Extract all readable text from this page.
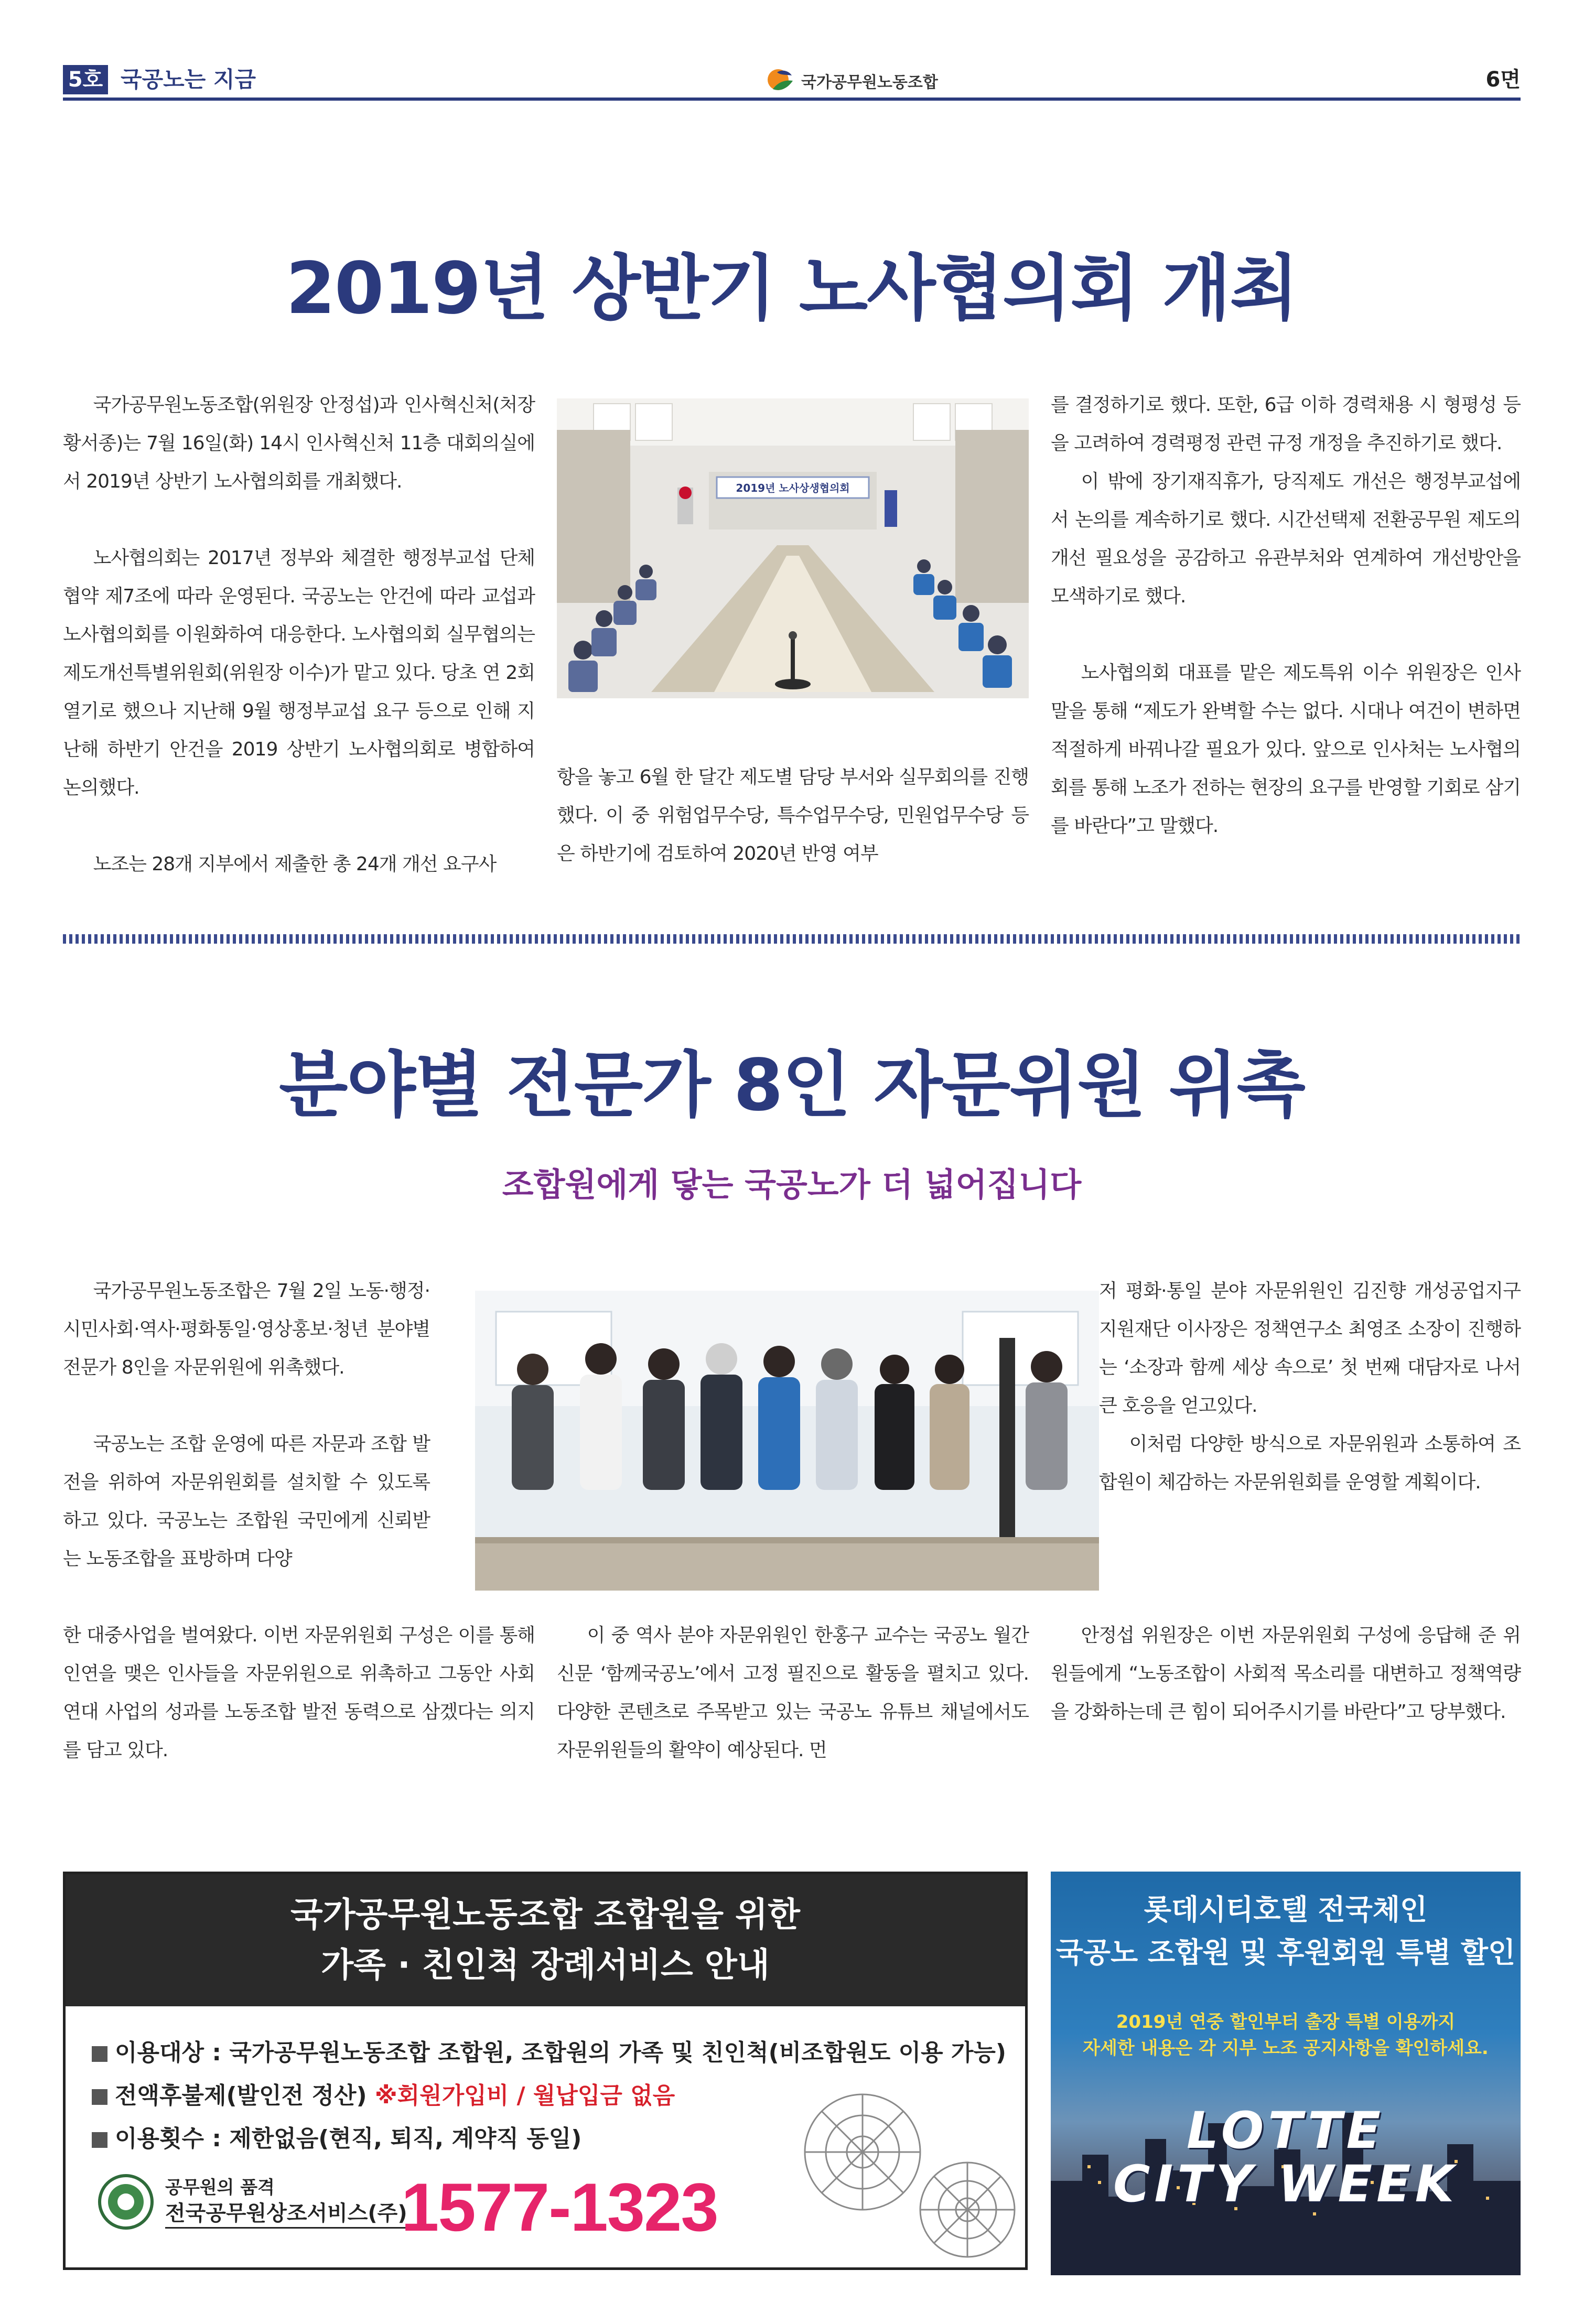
5호 국공노는 지금	국가공무원노동조합	6면
2019년 상반기 노사협의회 개최

국가공무원노동조합(위원장 안정섭)과 인사혁신처(처장 황서종)는 7월 16일(화) 14시 인사혁신처 11층 대회의실에서 2019년 상반기 노사협의회를 개최했다.

노사협의회는 2017년 정부와 체결한 행정부교섭 단체협약 제7조에 따라 운영된다. 국공노는 안건에 따라 교섭과 노사협의회를 이원화하여 대응한다. 노사협의회 실무협의는 제도개선특별위원회(위원장 이수)가 맡고 있다. 당초 연 2회 열기로 했으나 지난해 9월 행정부교섭 요구 등으로 인해 지난해 하반기 안건을 2019 상반기 노사협의회로 병합하여 논의했다.

노조는 28개 지부에서 제출한 총 24개 개선 요구사

2019년 노사상생협의회

항을 놓고 6월 한 달간 제도별 담당 부서와 실무회의를 진행했다. 이 중 위험업무수당, 특수업무수당, 민원업무수당 등은 하반기에 검토하여 2020년 반영 여부

를 결정하기로 했다. 또한, 6급 이하 경력채용 시 형평성 등을 고려하여 경력평정 관련 규정 개정을 추진하기로 했다.

이 밖에 장기재직휴가, 당직제도 개선은 행정부교섭에서 논의를 계속하기로 했다. 시간선택제 전환공무원 제도의 개선 필요성을 공감하고 유관부처와 연계하여 개선방안을 모색하기로 했다.

노사협의회 대표를 맡은 제도특위 이수 위원장은 인사말을 통해 “제도가 완벽할 수는 없다. 시대나 여건이 변하면 적절하게 바꿔나갈 필요가 있다. 앞으로 인사처는 노사협의회를 통해 노조가 전하는 현장의 요구를 반영할 기회로 삼기를 바란다”고 말했다.

분야별 전문가 8인 자문위원 위촉
조합원에게 닿는 국공노가 더 넓어집니다

국가공무원노동조합은 7월 2일 노동·행정·시민사회·역사·평화통일·영상홍보·청년 분야별 전문가 8인을 자문위원에 위촉했다.

국공노는 조합 운영에 따른 자문과 조합 발전을 위하여 자문위원회를 설치할 수 있도록 하고 있다. 국공노는 조합원 국민에게 신뢰받는 노동조합을 표방하며 다양

저 평화·통일 분야 자문위원인 김진향 개성공업지구지원재단 이사장은 정책연구소 최영조 소장이 진행하는 ‘소장과 함께 세상 속으로’ 첫 번째 대담자로 나서 큰 호응을 얻고있다.

이처럼 다양한 방식으로 자문위원과 소통하여 조합원이 체감하는 자문위원회를 운영할 계획이다.

한 대중사업을 벌여왔다. 이번 자문위원회 구성은 이를 통해 인연을 맺은 인사들을 자문위원으로 위촉하고 그동안 사회연대 사업의 성과를 노동조합 발전 동력으로 삼겠다는 의지를 담고 있다.

이 중 역사 분야 자문위원인 한홍구 교수는 국공노 월간 신문 ‘함께국공노’에서 고정 필진으로 활동을 펼치고 있다. 다양한 콘텐츠로 주목받고 있는 국공노 유튜브 채널에서도 자문위원들의 활약이 예상된다. 먼

안정섭 위원장은 이번 자문위원회 구성에 응답해 준 위원들에게 “노동조합이 사회적 목소리를 대변하고 정책역량을 강화하는데 큰 힘이 되어주시기를 바란다”고 당부했다.

국가공무원노동조합 조합원을 위한
가족 · 친인척 장례서비스 안내
이용대상 : 국가공무원노동조합 조합원, 조합원의 가족 및 친인척(비조합원도 이용 가능)
전액후불제(발인전 정산) ※회원가입비 / 월납입금 없음
이용횟수 : 제한없음(현직, 퇴직, 계약직 동일)
공무원의 품격
전국공무원상조서비스(주)
1577-1323
롯데시티호텔 전국체인
국공노 조합원 및 후원회원 특별 할인
2019년 연중 할인부터 출장 특별 이용까지
자세한 내용은 각 지부 노조 공지사항을 확인하세요.
LOTTE
CITY WEEK
